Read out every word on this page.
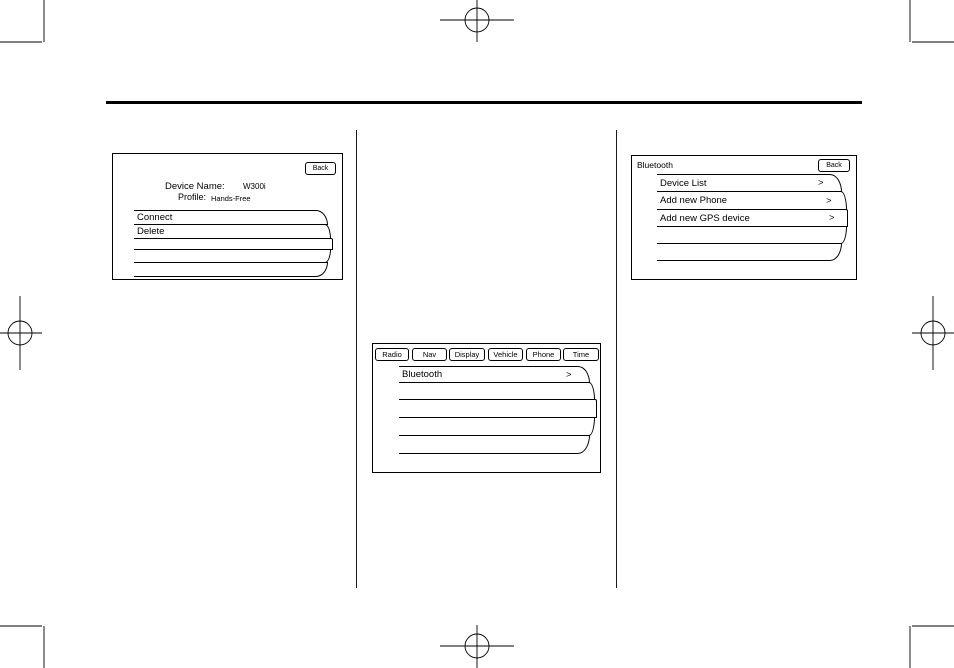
Back
Device Name: W300i
Profile: Hands-Free
Connect
Delete
Radio	Nav	Display	Vehicle	Phone	Time
Bluetooth	>
Bluetooth	Back
Device List	>
Add new Phone	>
Add new GPS device	>
